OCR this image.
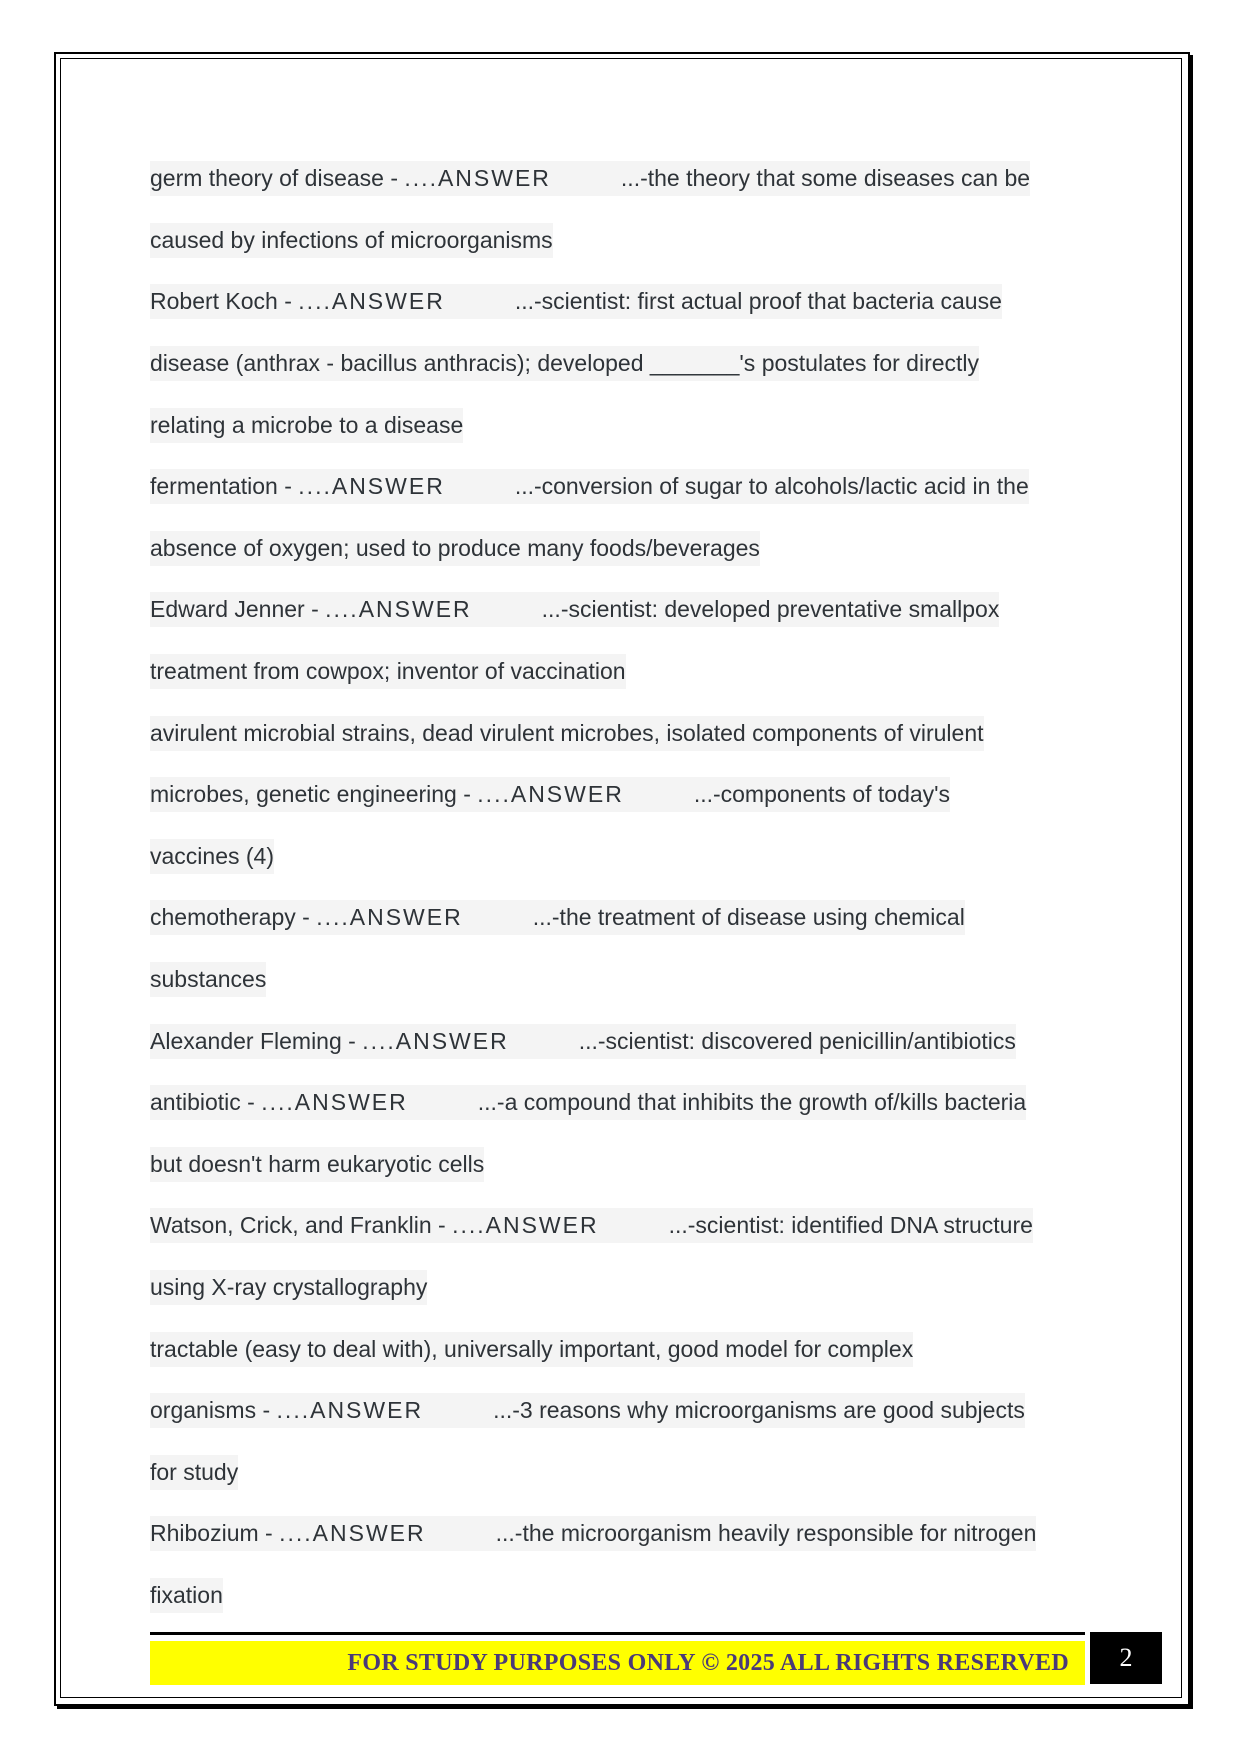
germ theory of disease - ....ANSWER	...-the theory that some diseases can be
caused by infections of microorganisms
Robert Koch - ....ANSWER	...-scientist: first actual proof that bacteria cause
disease (anthrax - bacillus anthracis); developed _______'s postulates for directly
relating a microbe to a disease
fermentation - ....ANSWER	...-conversion of sugar to alcohols/lactic acid in the
absence of oxygen; used to produce many foods/beverages
Edward Jenner - ....ANSWER	...-scientist: developed preventative smallpox
treatment from cowpox; inventor of vaccination
avirulent microbial strains, dead virulent microbes, isolated components of virulent
microbes, genetic engineering - ....ANSWER	...-components of today's
vaccines (4)
chemotherapy - ....ANSWER	...-the treatment of disease using chemical
substances
Alexander Fleming - ....ANSWER	...-scientist: discovered penicillin/antibiotics
antibiotic - ....ANSWER	...-a compound that inhibits the growth of/kills bacteria
but doesn't harm eukaryotic cells
Watson, Crick, and Franklin - ....ANSWER	...-scientist: identified DNA structure
using X-ray crystallography
tractable (easy to deal with), universally important, good model for complex
organisms - ....ANSWER	...-3 reasons why microorganisms are good subjects
for study
Rhibozium - ....ANSWER	...-the microorganism heavily responsible for nitrogen
fixation
FOR STUDY PURPOSES ONLY © 2025 ALL RIGHTS RESERVED	2
